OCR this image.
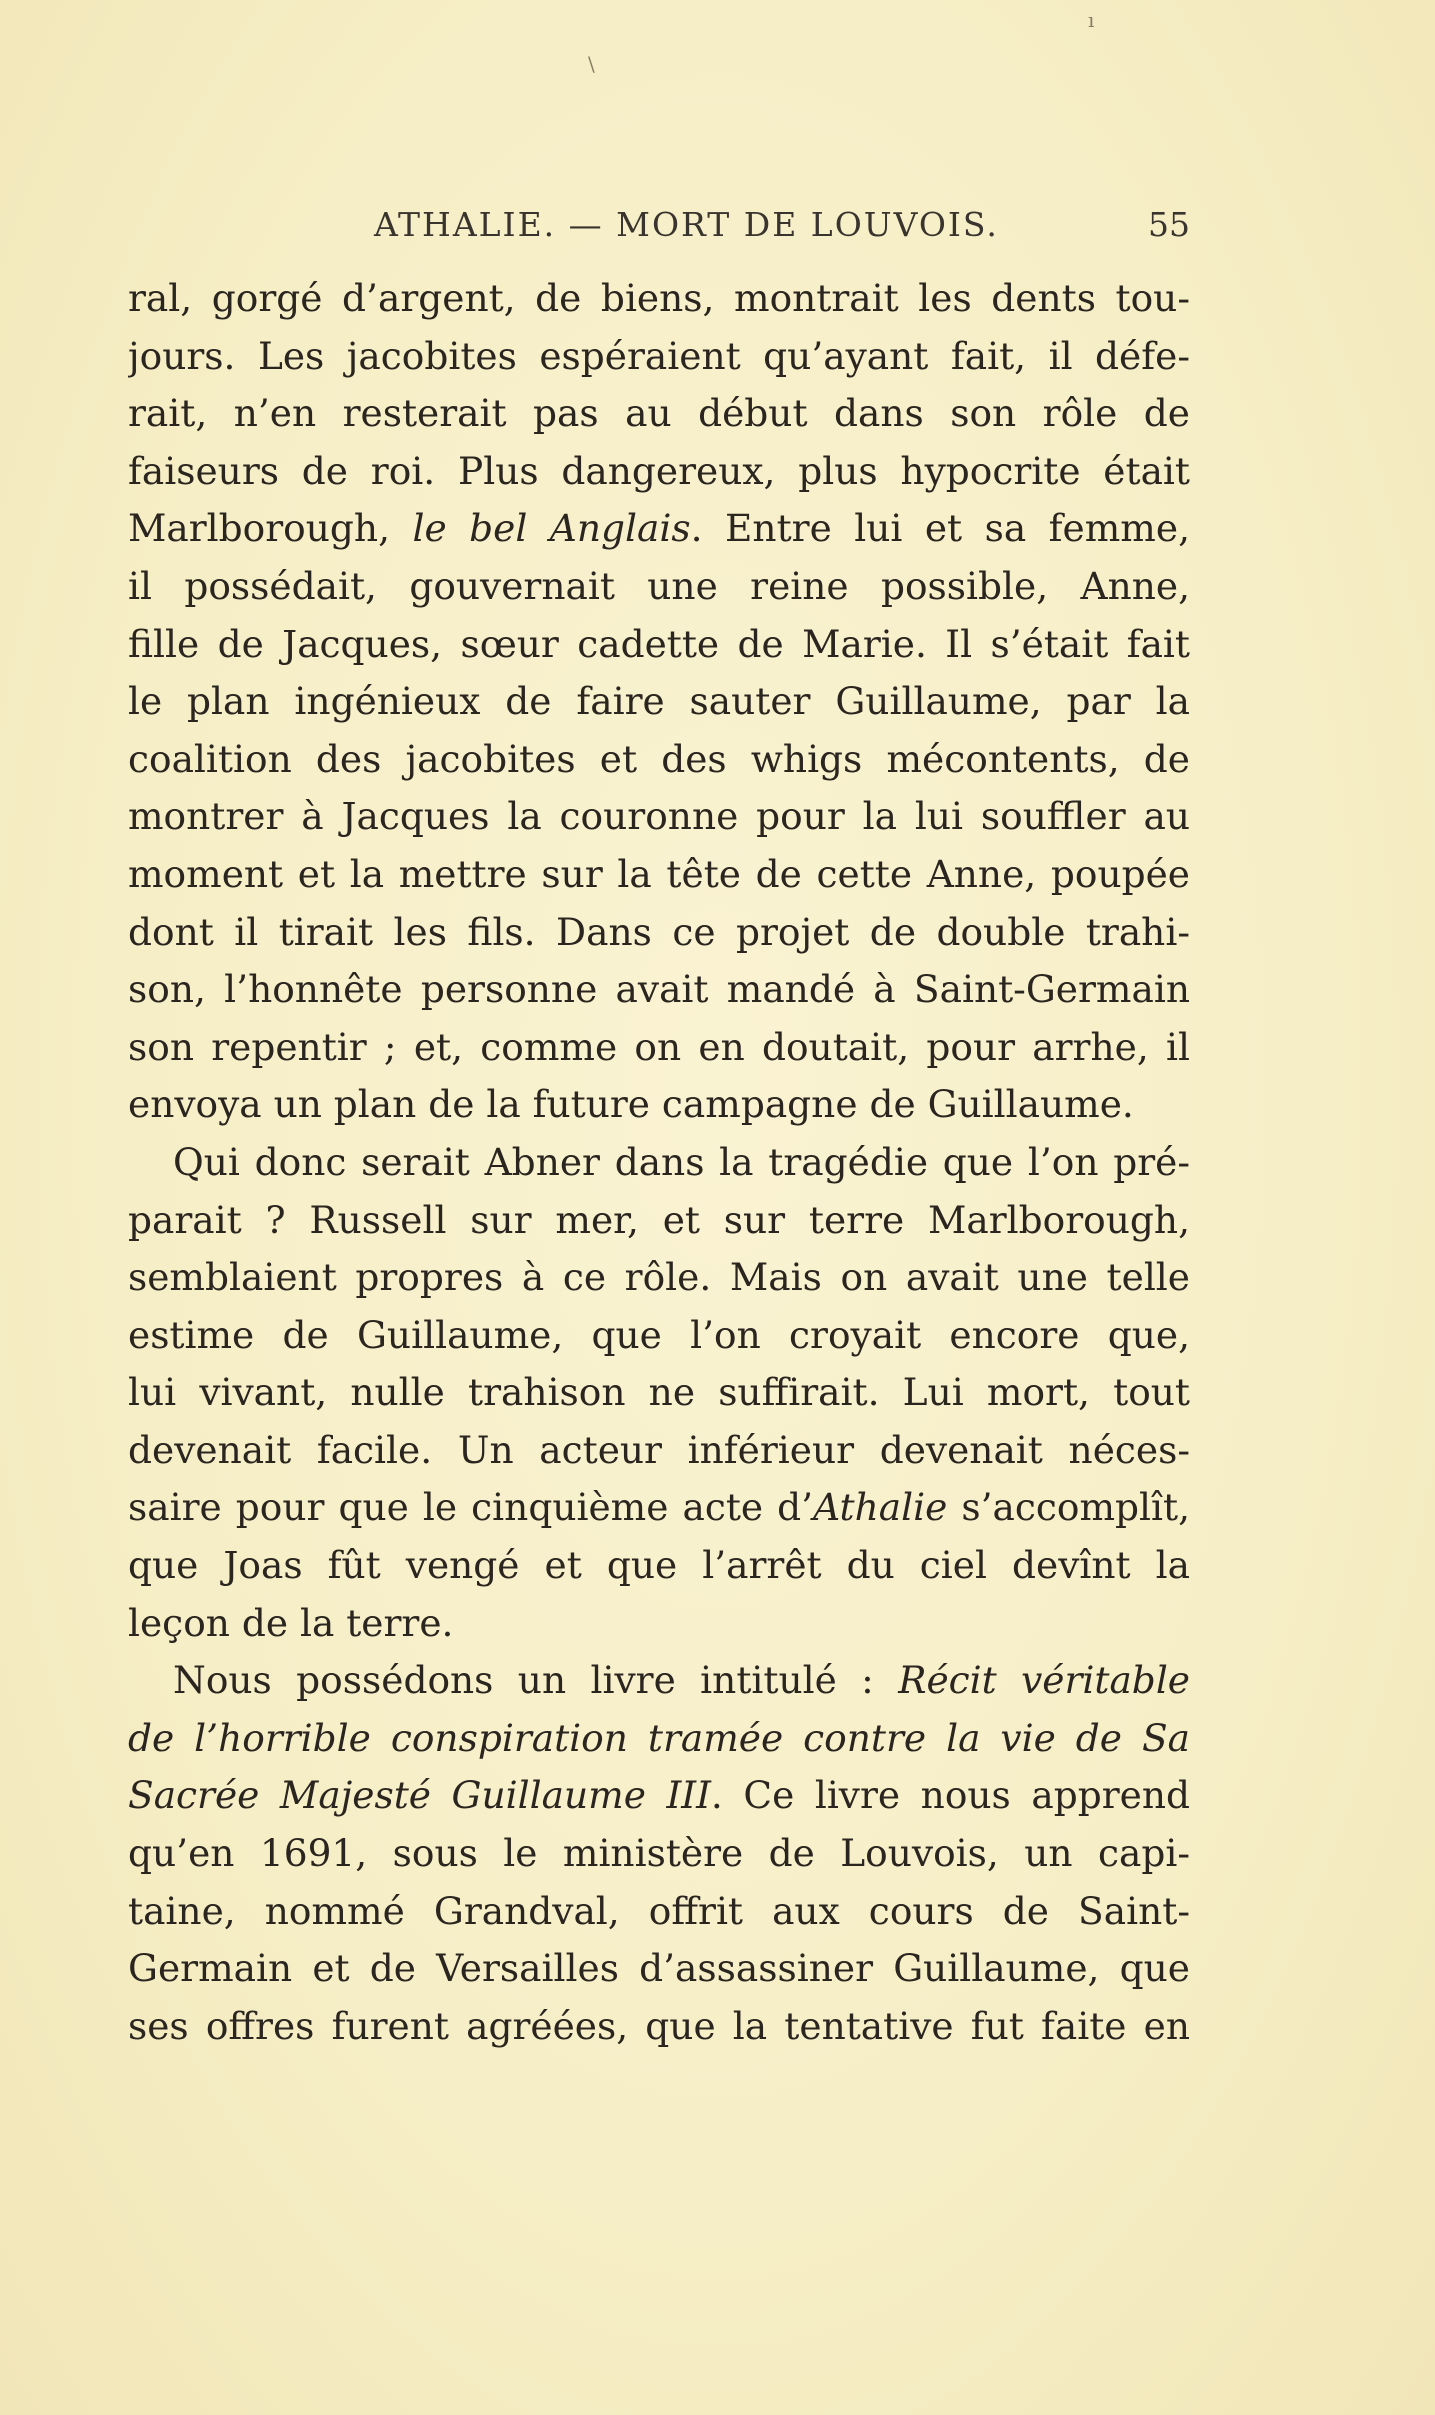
ı
\
ATHALIE. — MORT DE LOUVOIS.	55
ral, gorgé d’argent, de biens, montrait les dents tou-
jours. Les jacobites espéraient qu’ayant fait, il défe-
rait, n’en resterait pas au début dans son rôle de
faiseurs de roi. Plus dangereux, plus hypocrite était
Marlborough, le bel Anglais. Entre lui et sa femme,
il possédait, gouvernait une reine possible, Anne,
fille de Jacques, sœur cadette de Marie. Il s’était fait
le plan ingénieux de faire sauter Guillaume, par la
coalition des jacobites et des whigs mécontents, de
montrer à Jacques la couronne pour la lui souffler au
moment et la mettre sur la tête de cette Anne, poupée
dont il tirait les fils. Dans ce projet de double trahi-
son, l’honnête personne avait mandé à Saint-Germain
son repentir ; et, comme on en doutait, pour arrhe, il
envoya un plan de la future campagne de Guillaume.
Qui donc serait Abner dans la tragédie que l’on pré-
parait ? Russell sur mer, et sur terre Marlborough,
semblaient propres à ce rôle. Mais on avait une telle
estime de Guillaume, que l’on croyait encore que,
lui vivant, nulle trahison ne suffirait. Lui mort, tout
devenait facile. Un acteur inférieur devenait néces-
saire pour que le cinquième acte d’Athalie s’accomplît,
que Joas fût vengé et que l’arrêt du ciel devînt la
leçon de la terre.
Nous possédons un livre intitulé : Récit véritable
de l’horrible conspiration tramée contre la vie de Sa
Sacrée Majesté Guillaume III. Ce livre nous apprend
qu’en 1691, sous le ministère de Louvois, un capi-
taine, nommé Grandval, offrit aux cours de Saint-
Germain et de Versailles d’assassiner Guillaume, que
ses offres furent agréées, que la tentative fut faite en
